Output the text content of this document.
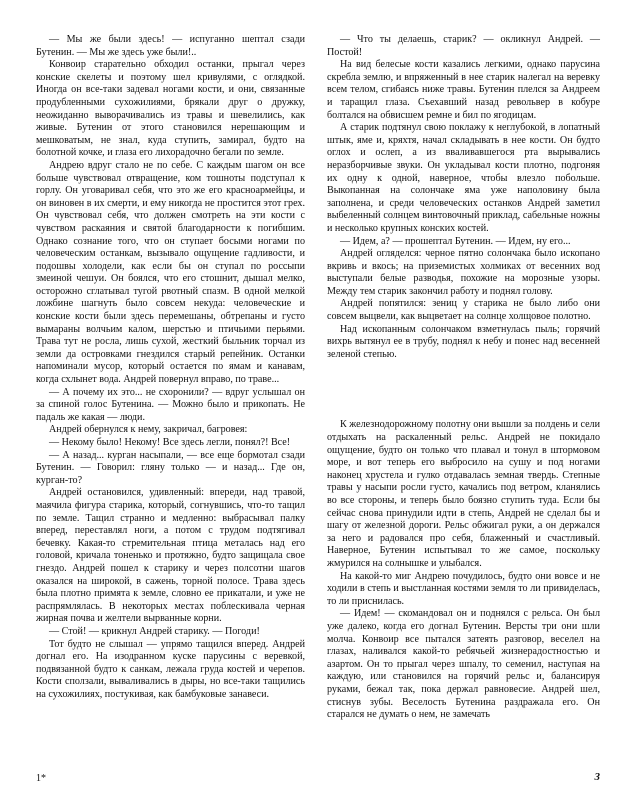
— Мы же были здесь! — испуганно шептал сзади Бутенин. — Мы же здесь уже были!..

Конвоир старательно обходил останки, прыгал через конские скелеты и поэтому шел кривулями, с оглядкой. Иногда он все-таки задевал ногами кости, и они, связанные продубленными сухожилиями, брякали друг о дружку, неожиданно выворачивались из травы и шевелились, как живые. Бутенин от этого становился нерешающим и мешковатым, не знал, куда ступить, замирал, будто на болотной кочке, и глаза его лихорадочно бегали по земле.

Андрею вдруг стало не по себе. С каждым шагом он все больше чувствовал отвращение, ком тошноты подступал к горлу. Он уговаривал себя, что это же его красноармейцы, и он виновен в их смерти, и ему никогда не простится этот грех. Он чувствовал себя, что должен смотреть на эти кости с чувством раскаяния и святой благодарности к погибшим. Однако сознание того, что он ступает босыми ногами по человеческим останкам, вызывало ощущение гадливости, и подошвы холодели, как если бы он ступал по россыпи змеиной чешуи. Он боялся, что его стошнит, дышал мелко, осторожно сглатывал тугой рвотный спазм. В одной мелкой ложбине шагнуть было совсем некуда: человеческие и конские кости были здесь перемешаны, обтрепаны и густо вымараны волчьим калом, шерстью и птичьими перьями. Трава тут не росла, лишь сухой, жесткий быльник торчал из земли да островками гнездился старый репейник. Останки напоминали мусор, который остается по ямам и канавам, когда схлынет вода. Андрей повернул вправо, по траве...

— А почему их это... не схоронили? — вдруг услышал он за спиной голос Бутенина. — Можно было и прикопать. Не падаль же какая — люди.

Андрей обернулся к нему, закричал, багровея:

— Некому было! Некому! Все здесь легли, понял?! Все!

— А назад... курган насыпали, — все еще бормотал сзади Бутенин. — Говорил: гляну только — и назад... Где он, курган-то?

Андрей остановился, удивленный: впереди, над травой, маячила фигура старика, который, согнувшись, что-то тащил по земле. Тащил странно и медленно: выбрасывал палку вперед, переставлял ноги, а потом с трудом подтягивал бечевку. Какая-то стремительная птица металась над его головой, кричала тоненько и протяжно, будто защищала свое гнездо. Андрей пошел к старику и через полсотни шагов оказался на широкой, в сажень, торной полосе. Трава здесь была плотно примята к земле, словно ее прикатали, и уже не распрямлялась. В некоторых местах поблескивала черная жирная почва и желтели вырванные корни.

— Стой! — крикнул Андрей старику. — Погоди!

Тот будто не слышал — упрямо тащился вперед. Андрей догнал его. На изодранном куске парусины с веревкой, подвязанной будто к санкам, лежала груда костей и черепов. Кости сползали, вываливались в дыры, но все-таки тащились на сухожилиях, постукивая, как бамбуковые занавеси.

— Что ты делаешь, старик? — окликнул Андрей. — Постой!

На вид белесые кости казались легкими, однако парусина скребла землю, и впряженный в нее старик налегал на веревку всем телом, сгибаясь ниже травы. Бутенин плелся за Андреем и таращил глаза. Съехавший назад револьвер в кобуре болтался на обвисшем ремне и бил по ягодицам.

А старик подтянул свою поклажу к неглубокой, в лопатный штык, яме и, кряхтя, начал складывать в нее кости. Он будто оглох и ослеп, а из вваливавшегося рта вырывались неразборчивые звуки. Он укладывал кости плотно, подгоняя их одну к одной, наверное, чтобы влезло побольше. Выкопанная на солончаке яма уже наполовину была заполнена, и среди человеческих останков Андрей заметил выбеленный солнцем винтовочный приклад, сабельные ножны и несколько крупных конских костей.

— Идем, а? — прошептал Бутенин. — Идем, ну его...

Андрей огляделся: черное пятно солончака было ископано вкривь и вкось; на приземистых холмиках от весенних вод выступали белые разводья, похожие на морозные узоры. Между тем старик закончил работу и поднял голову.

Андрей попятился: зениц у старика не было либо они совсем выцвели, как выцветает на солнце холщовое полотно.

Над ископанным солончаком взметнулась пыль; горячий вихрь вытянул ее в трубу, поднял к небу и понес над весенней зеленой степью.

К железнодорожному полотну они вышли за полдень и сели отдыхать на раскаленный рельс. Андрей не покидало ощущение, будто он только что плавал и тонул в штормовом море, и вот теперь его выбросило на сушу и под ногами наконец хрустела и гулко отдавалась земная твердь. Степные травы у насыпи росли густо, качались под ветром, кланялись во все стороны, и теперь было боязно ступить туда. Если бы сейчас снова принудили идти в степь, Андрей не сделал бы и шагу от железной дороги. Рельс обжигал руки, а он держался за него и радовался про себя, блаженный и счастливый. Наверное, Бутенин испытывал то же самое, поскольку жмурился на солнышке и улыбался.

На какой-то миг Андрею почудилось, будто они вовсе и не ходили в степь и выстланная костями земля то ли привиделась, то ли приснилась.

— Идем! — скомандовал он и поднялся с рельса. Он был уже далеко, когда его догнал Бутенин. Версты три они шли молча. Конвоир все пытался затеять разговор, веселел на глазах, наливался какой-то ребячьей жизнерадостностью и азартом. Он то прыгал через шпалу, то семенил, наступая на каждую, или становился на горячий рельс и, балансируя руками, бежал так, пока держал равновесие. Андрей шел, стиснув зубы. Веселость Бутенина раздражала его. Он старался не думать о нем, не замечать

1*	3
